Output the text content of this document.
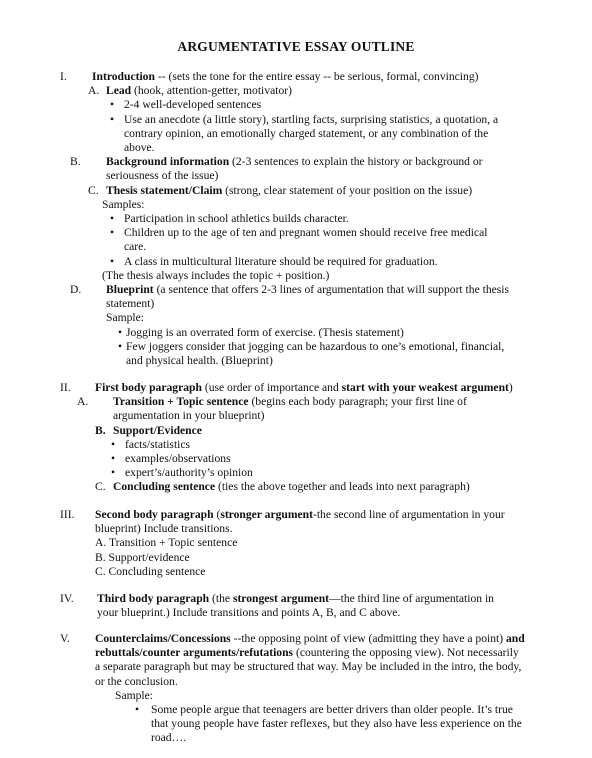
ARGUMENTATIVE ESSAY OUTLINE
I. Introduction -- (sets the tone for the entire essay -- be serious, formal, convincing)

A. Lead (hook, attention-getter, motivator)

• 2-4 well-developed sentences
• Use an anecdote (a little story), startling facts, surprising statistics, a quotation, a contrary opinion, an emotionally charged statement, or any combination of the above.

B. Background information (2-3 sentences to explain the history or background or seriousness of the issue)

C. Thesis statement/Claim (strong, clear statement of your position on the issue)

Samples:

• Participation in school athletics builds character.
• Children up to the age of ten and pregnant women should receive free medical care.
• A class in multicultural literature should be required for graduation.

(The thesis always includes the topic + position.)

D. Blueprint (a sentence that offers 2-3 lines of argumentation that will support the thesis statement)

Sample:

• Jogging is an overrated form of exercise. (Thesis statement)
• Few joggers consider that jogging can be hazardous to one’s emotional, financial, and physical health. (Blueprint)
II. First body paragraph (use order of importance and start with your weakest argument)

A. Transition + Topic sentence (begins each body paragraph; your first line of argumentation in your blueprint)

B. Support/Evidence

• facts/statistics
• examples/observations
• expert’s/authority’s opinion

C. Concluding sentence (ties the above together and leads into next paragraph)

III. Second body paragraph (stronger argument-the second line of argumentation in your blueprint) Include transitions.

A. Transition + Topic sentence

B. Support/evidence

C. Concluding sentence

IV. Third body paragraph (the strongest argument—the third line of argumentation in your blueprint.) Include transitions and points A, B, and C above.

V. Counterclaims/Concessions --the opposing point of view (admitting they have a point) and rebuttals/counter arguments/refutations (countering the opposing view). Not necessarily a separate paragraph but may be structured that way. May be included in the intro, the body, or the conclusion.

Sample:

• Some people argue that teenagers are better drivers than older people. It’s true that young people have faster reflexes, but they also have less experience on the road….
